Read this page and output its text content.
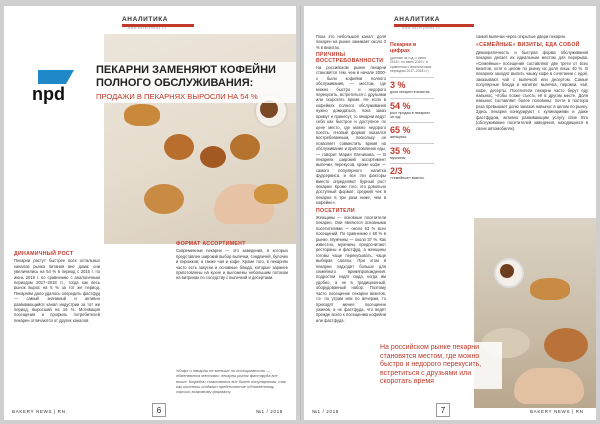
АНАЛИТИКА
www.bakerynews.ru
npd
ПЕКАРНИ ЗАМЕНЯЮТ КОФЕЙНИ ПОЛНОГО ОБСЛУЖИВАНИЯ:

ПРОДАЖИ В ПЕКАРНЯХ ВЫРОСЛИ НА 54 %

ДИНАМИЧНЫЙ РОСТ

Пекарни растут быстрее всех остальных каналов рынка питания вне дома: они увеличились на 54 % в период с 2016 г. по июнь 2019 г. по сравнению с аналогичным периодом 2017–2018 гг., тогда как весь рынок вырос на 5 % за тот же период. Пекарням дало удалось опередить фастфуд — самый значимый и активно развивающийся канал индустрии за тот же период, выросший на 16 %. Мотивация посещения и профиль потребителей пекарен отличаются от других каналов.

ФОРМАТ АССОРТИМЕНТ

Современные пекарни — это заведения, в которых представлен широкий выбор выпечки, сэндвичей, булочек и пирожков, а также чая и кофе. Кроме того, в пекарнях часто есть закуски и основные блюда, которые заранее приготовлены на кухне и выложены небольшим потоком на витринах по соседству с выпечкой и десертами.

«Кофе и пекарни не меньше по посещаемости — обменяются местами: пекарни рынок фастфуда все выше. Кофейни становятся все более популярными, так как клиенты отдают предпочтение обновлённому, хорошо знакомому формату.
BAKERY NEWS | RN	6	№1 / 2019
АНАЛИТИКА
www.bakerynews.ru

Пока это небольшой канал: доля пекарен на рынке занимает около 3 % в визитах.

ПРИЧИНЫ ВОССТРЕБОВАННОСТИ

На российском рынке пекарни становятся тем, чем в начале 2000-х были кофейни полного обслуживания, — местом, где можно быстро и недорого перекусить, встретиться с друзьями или скоротать время. Не если в кофейнях полного обслуживания нужно дожидаться, пока заказ примут и принесут, то пекарни ведут себя как быстрое и доступное по цене место, где можно недорого поесть. «Новый формат оказался востребованным, поскольку он позволяет совместить время на обслуживание и приготовление еды, — говорит Мария Латникова. — В пекарнях широкий ассортимент выпечки, перекусов, кроме кофе — самого популярного напитка фудсервиса, и все эти факторы вместе определяют бурный рост пекарни. Кроме того, это довольно доступный формат: средний чек в пекарне в три раза ниже, чем в кофейне».

ПОСЕТИТЕЛИ

Женщины — основные посетители пекарен. Они являются основными посетителями — около 63 % всех посещений. По сравнению с 60 % в рынке. Мужчины — около 37 %. Как известно, мужчины предпочитают рестораны и фастфуд, а женщины готовы чаще перекусывать, чаще выбирая салаты. При этом в пекарни подходят больше для семейного времяпровождения: подростки ходят сюда, когда им удобно, а не в традиционный, оборудованный набор. Поэтому часто посещение пекарни визитов, т.е. по утрам или по вечерам, то приходят менее: посещение ужинов, а не фастфуда, что ведёт прежде всего к посещению кофейни или фастфуда.

Пекарни в цифрах
(данные за год, с июня 2018 г. по июнь 2019 г. в сравнении с аналогичным периодом 2017–2018 гг.)
3 %
доля пекарен в визитах;
54 %
рост продаж в пекарнях за год;
65 %
женщины;
35 %
мужчины;
2/3
«семейные» визиты.

самой выпечки через открытые двери пекарни.

«СЕМЕЙНЫЕ» ВИЗИТЫ, ЕДА СОБОЙ

Демократичность и быстрая форма обслуживания пекарни делает их идеальным местом для перерыва. «Семейные» посещения составляют две трети от всех визитов, хотя в целом по рынку их доля лишь 40 %. В пекарнях заходят выпить чашку кофе в сочетании с едой, заказывают чай с выпечкой или десертом. Самые популярные блюда и напитки: выпечка, пирожки, чай, кофе, десерты. Посетители пекарни часто берут еду навынос, чтобы позже съесть её в другом месте. Доля навынос составляет более половины: почти в полтора раза превышает долю заказов навынос в целом по рынку. Здесь пекарни конкурируют с кулинариями и даже фастфудом, активно развивающим услугу drive thru (обслуживание посетителей заведения, находящихся в своих автомобилях).

На российском рынке пекарни становятся местом, где можно быстро и недорого перекусить, встретиться с друзьями или скоротать время
№1 / 2019	7	BAKERY NEWS | RN
